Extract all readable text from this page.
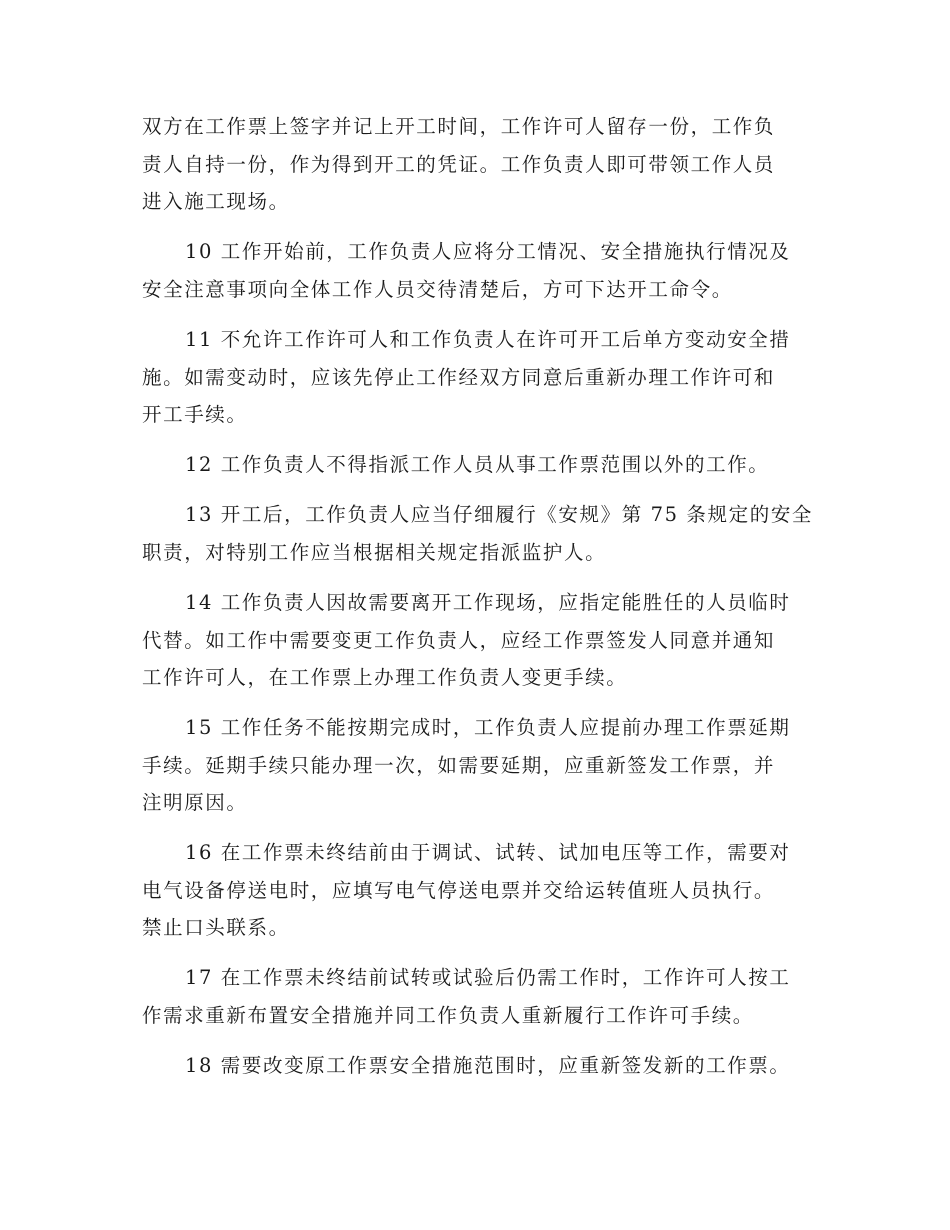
双方在工作票上签字并记上开工时间，工作许可人留存一份，工作负
责人自持一份，作为得到开工的凭证。工作负责人即可带领工作人员
进入施工现场。
10 工作开始前，工作负责人应将分工情况、安全措施执行情况及
安全注意事项向全体工作人员交待清楚后，方可下达开工命令。
11 不允许工作许可人和工作负责人在许可开工后单方变动安全措
施。如需变动时，应该先停止工作经双方同意后重新办理工作许可和
开工手续。
12 工作负责人不得指派工作人员从事工作票范围以外的工作。
13 开工后，工作负责人应当仔细履行《安规》第 75 条规定的安全
职责，对特别工作应当根据相关规定指派监护人。
14 工作负责人因故需要离开工作现场，应指定能胜任的人员临时
代替。如工作中需要变更工作负责人，应经工作票签发人同意并通知
工作许可人，在工作票上办理工作负责人变更手续。
15 工作任务不能按期完成时，工作负责人应提前办理工作票延期
手续。延期手续只能办理一次，如需要延期，应重新签发工作票，并
注明原因。
16 在工作票未终结前由于调试、试转、试加电压等工作，需要对
电气设备停送电时，应填写电气停送电票并交给运转值班人员执行。
禁止口头联系。
17 在工作票未终结前试转或试验后仍需工作时，工作许可人按工
作需求重新布置安全措施并同工作负责人重新履行工作许可手续。
18 需要改变原工作票安全措施范围时，应重新签发新的工作票。
